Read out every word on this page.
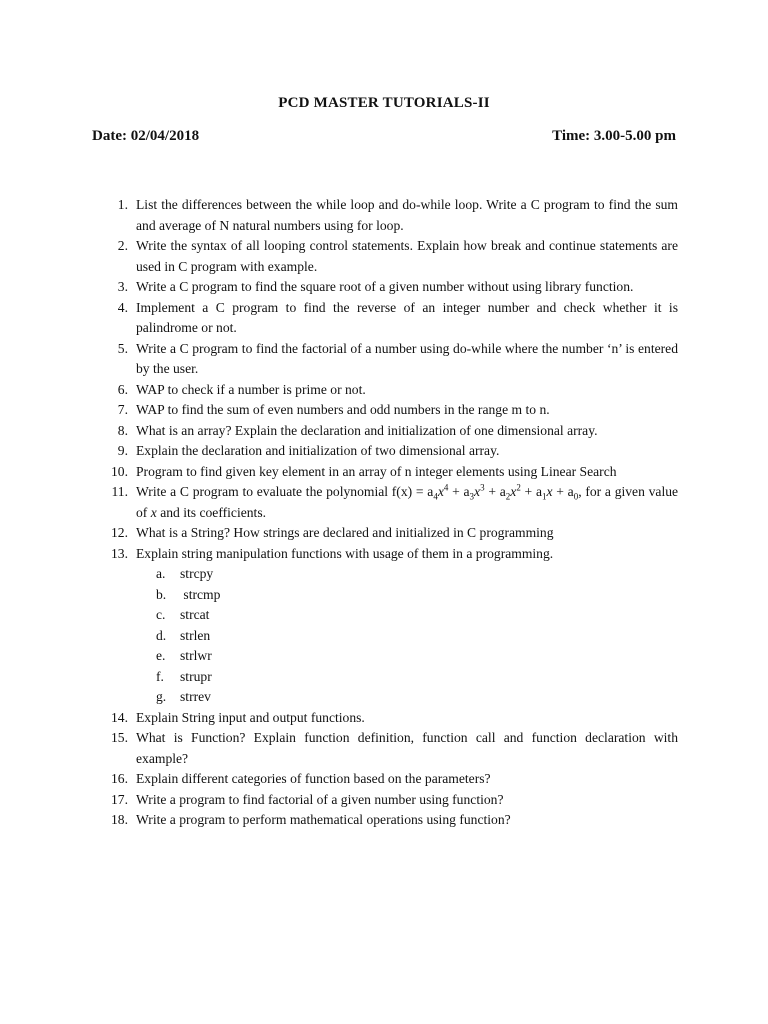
PCD MASTER TUTORIALS-II
Date: 02/04/2018	Time: 3.00-5.00 pm
1. List the differences between the while loop and do-while loop. Write a C program to find the sum and average of N natural numbers using for loop.
2. Write the syntax of all looping control statements. Explain how break and continue statements are used in C program with example.
3. Write a C program to find the square root of a given number without using library function.
4. Implement a C program to find the reverse of an integer number and check whether it is palindrome or not.
5. Write a C program to find the factorial of a number using do-while where the number ‘n’ is entered by the user.
6. WAP to check if a number is prime or not.
7. WAP to find the sum of even numbers and odd numbers in the range m to n.
8. What is an array? Explain the declaration and initialization of one dimensional array.
9. Explain the declaration and initialization of two dimensional array.
10. Program to find given key element in an array of n integer elements using Linear Search
11. Write a C program to evaluate the polynomial $f(x) = a_4x^4 + a_3x^3 + a_2x^2 + a_1x + a_0$, for a given value of x and its coefficients.
12. What is a String? How strings are declared and initialized in C programming
13. Explain string manipulation functions with usage of them in a programming.
a.	strcpy
b.	strcmp
c.	strcat
d.	strlen
e.	strlwr
f.	strupr
g.	strrev
14. Explain String input and output functions.
15. What is Function? Explain function definition, function call and function declaration with example?
16. Explain different categories of function based on the parameters?
17. Write a program to find factorial of a given number using function?
18. Write a program to perform mathematical operations using function?
